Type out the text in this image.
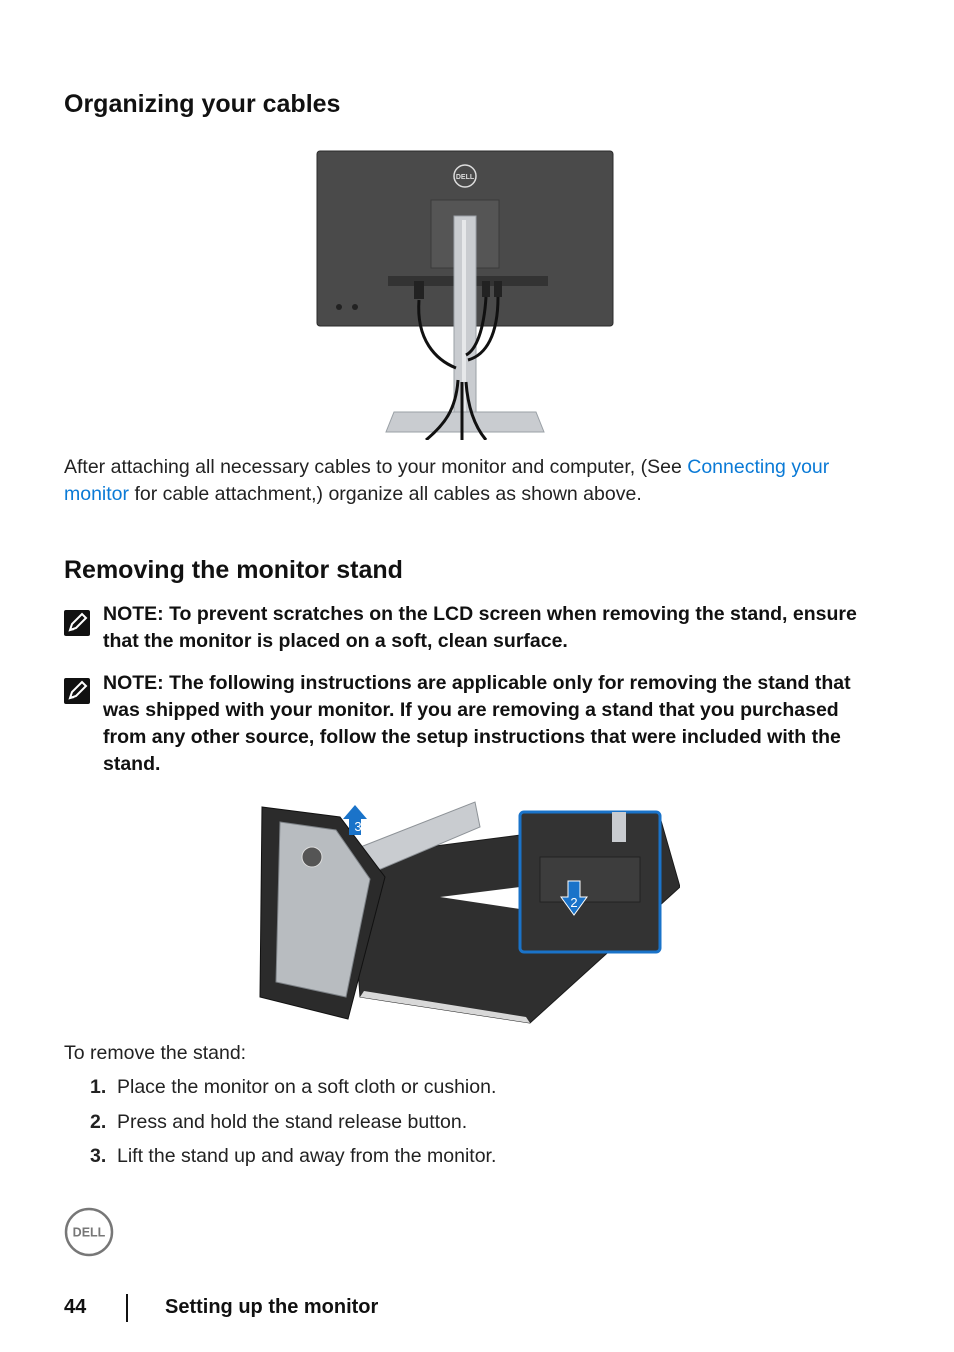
Organizing your cables
DELL
After attaching all necessary cables to your monitor and computer, (See Connecting your monitor for cable attachment,) organize all cables as shown above.
Removing the monitor stand
NOTE: To prevent scratches on the LCD screen when removing the stand, ensure that the monitor is placed on a soft, clean surface.
NOTE: The following instructions are applicable only for removing the stand that was shipped with your monitor. If you are removing a stand that you purchased from any other source, follow the setup instructions that were included with the stand.
3
2
To remove the stand:
1. Place the monitor on a soft cloth or cushion.
2. Press and hold the stand release button.
3. Lift the stand up and away from the monitor.
DELL
44	Setting up the monitor
